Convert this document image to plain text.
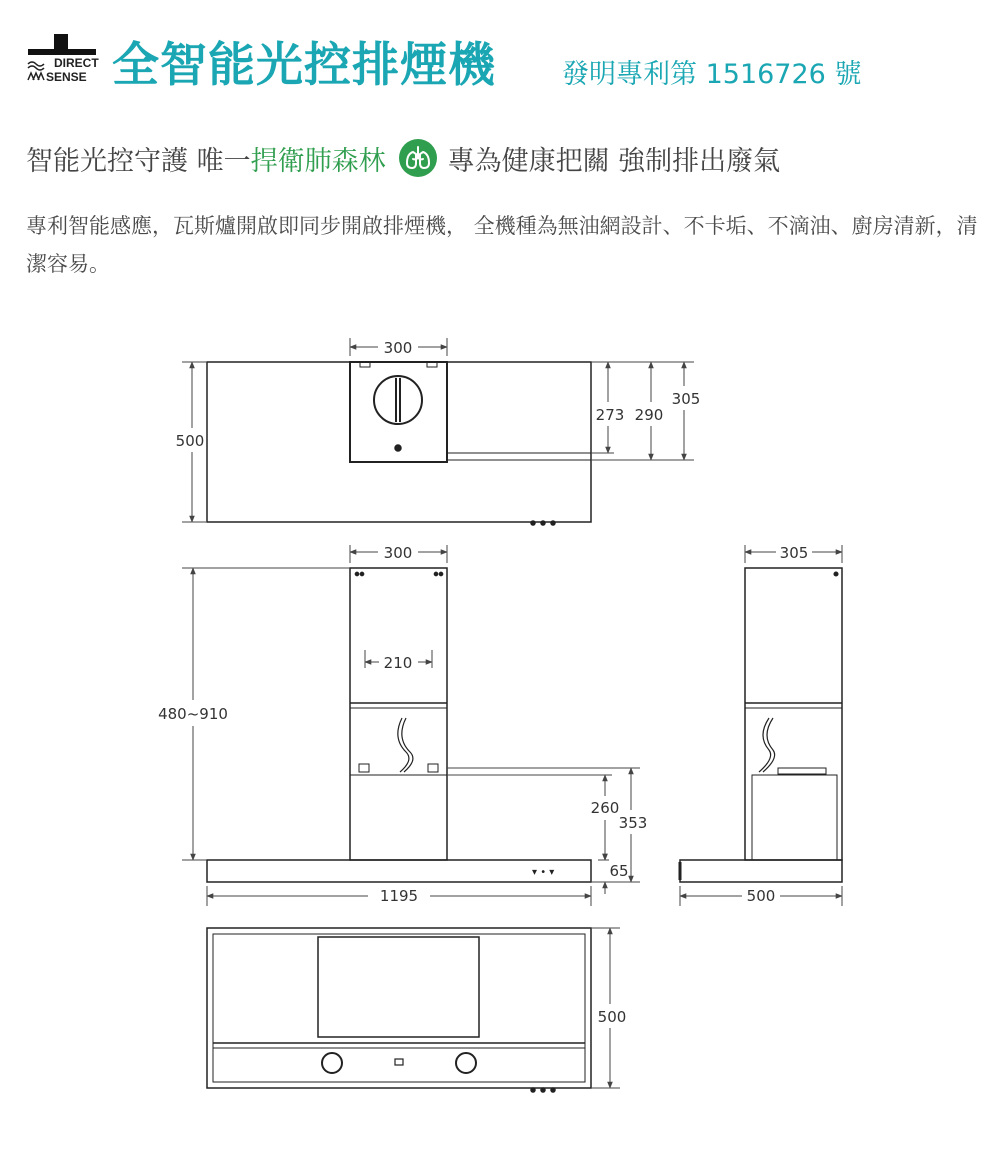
DIRECT
SENSE 全智能光控排煙機 發明專利第 1516726 號
智能光控守護 唯一捍衛肺森林 專為健康把關 強制排出廢氣
專利智能感應，瓦斯爐開啟即同步開啟排煙機， 全機種為無油網設計、不卡垢、不滴油、廚房清新，清潔容易。
300
500
273 290
305
▾ • ▾
300
210
480~910
260
353
65
1195
305
500
500
